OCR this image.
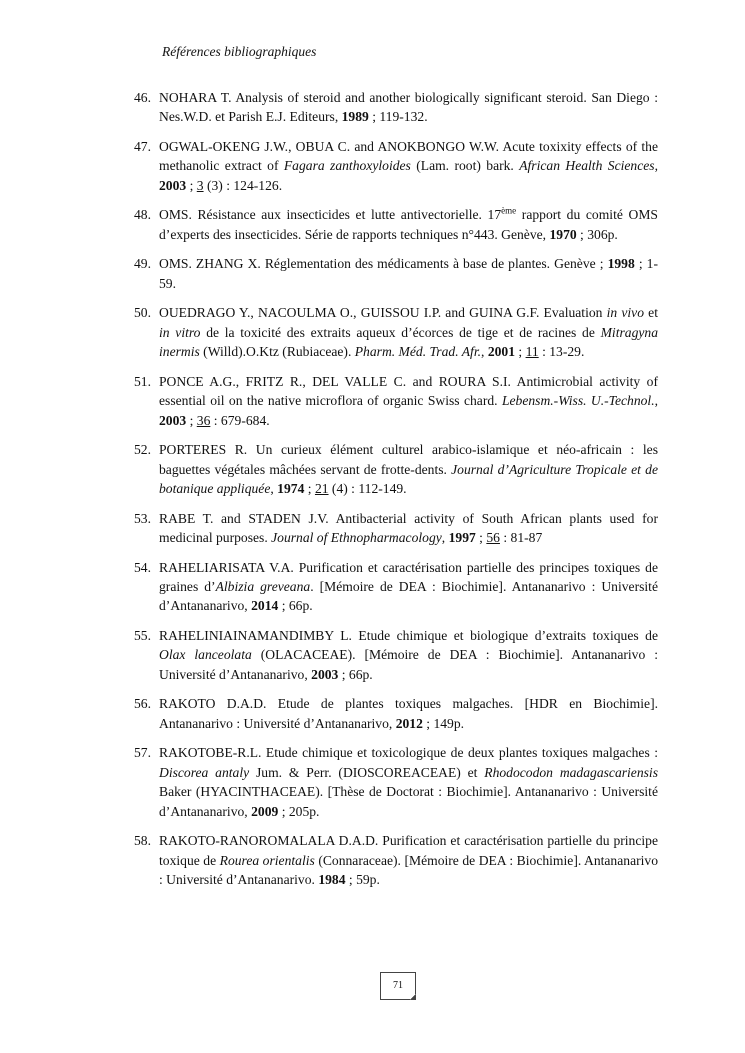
Références bibliographiques
46. NOHARA T. Analysis of steroid and another biologically significant steroid. San Diego : Nes.W.D. et Parish E.J. Editeurs, 1989 ; 119-132.
47. OGWAL-OKENG J.W., OBUA C. and ANOKBONGO W.W. Acute toxixity effects of the methanolic extract of Fagara zanthoxyloides (Lam. root) bark. African Health Sciences, 2003 ; 3 (3) : 124-126.
48. OMS. Résistance aux insecticides et lutte antivectorielle. 17ème rapport du comité OMS d’experts des insecticides. Série de rapports techniques n°443. Genève, 1970 ; 306p.
49. OMS. ZHANG X. Réglementation des médicaments à base de plantes. Genève ; 1998 ; 1-59.
50. OUEDRAGO Y., NACOULMA O., GUISSOU I.P. and GUINA G.F. Evaluation in vivo et in vitro de la toxicité des extraits aqueux d’écorces de tige et de racines de Mitragyna inermis (Willd).O.Ktz (Rubiaceae). Pharm. Méd. Trad. Afr., 2001 ; 11 : 13-29.
51. PONCE A.G., FRITZ R., DEL VALLE C. and ROURA S.I. Antimicrobial activity of essential oil on the native microflora of organic Swiss chard. Lebensm.-Wiss. U.-Technol., 2003 ; 36 : 679-684.
52. PORTERES R. Un curieux élément culturel arabico-islamique et néo-africain : les baguettes végétales mâchées servant de frotte-dents. Journal d’Agriculture Tropicale et de botanique appliquée, 1974 ; 21 (4) : 112-149.
53. RABE T. and STADEN J.V. Antibacterial activity of South African plants used for medicinal purposes. Journal of Ethnopharmacology, 1997 ; 56 : 81-87
54. RAHELIARISATA V.A. Purification et caractérisation partielle des principes toxiques de graines d’Albizia greveana. [Mémoire de DEA : Biochimie]. Antananarivo : Université d’Antananarivo, 2014 ; 66p.
55. RAHELINIAINAMANDIMBY L. Etude chimique et biologique d’extraits toxiques de Olax lanceolata (OLACACEAE). [Mémoire de DEA : Biochimie]. Antananarivo : Université d’Antananarivo, 2003 ; 66p.
56. RAKOTO D.A.D. Etude de plantes toxiques malgaches. [HDR en Biochimie]. Antananarivo : Université d’Antananarivo, 2012 ; 149p.
57. RAKOTOBE-R.L. Etude chimique et toxicologique de deux plantes toxiques malgaches : Discorea antaly Jum. & Perr. (DIOSCOREACEAE) et Rhodocodon madagascariensis Baker (HYACINTHACEAE). [Thèse de Doctorat : Biochimie]. Antananarivo : Université d’Antananarivo, 2009 ; 205p.
58. RAKOTO-RANOROMALALA D.A.D. Purification et caractérisation partielle du principe toxique de Rourea orientalis (Connaraceae). [Mémoire de DEA : Biochimie]. Antananarivo : Université d’Antananarivo. 1984 ; 59p.
71
